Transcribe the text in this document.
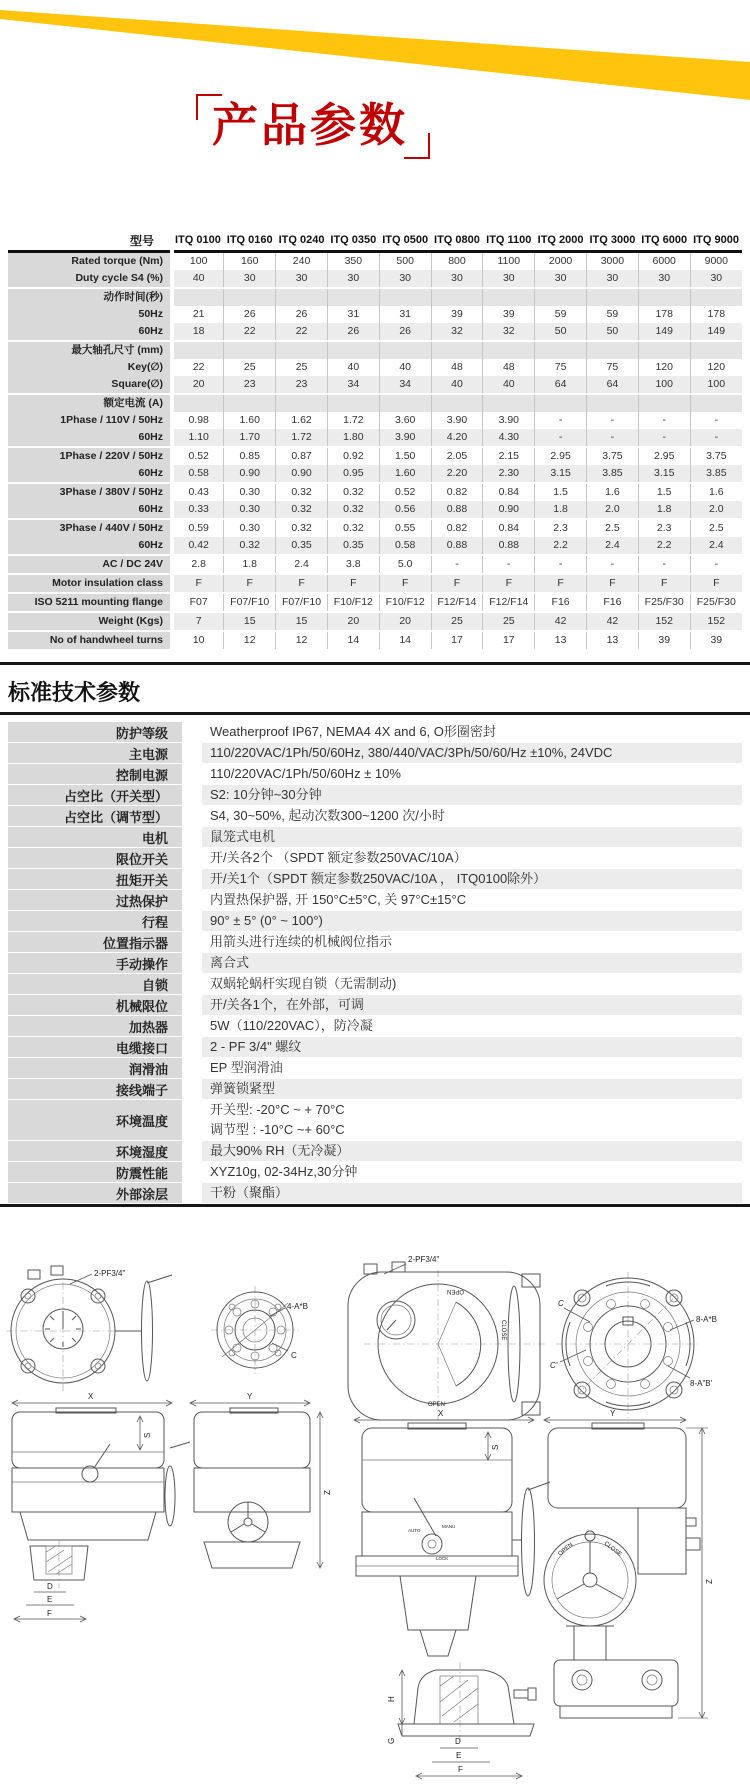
产品参数
型号	ITQ 0100	ITQ 0160	ITQ 0240	ITQ 0350	ITQ 0500	ITQ 0800	ITQ 1100	ITQ 2000	ITQ 3000	ITQ 6000	ITQ 9000
Rated torque (Nm)	100	160	240	350	500	800	1100	2000	3000	6000	9000
Duty cycle S4 (%)	40	30	30	30	30	30	30	30	30	30	30
动作时间(秒)											
50Hz	21	26	26	31	31	39	39	59	59	178	178
60Hz	18	22	22	26	26	32	32	50	50	149	149
最大轴孔尺寸 (mm)											
Key(∅)	22	25	25	40	40	48	48	75	75	120	120
Square(∅)	20	23	23	34	34	40	40	64	64	100	100
额定电流 (A)											
1Phase / 110V / 50Hz	0.98	1.60	1.62	1.72	3.60	3.90	3.90	-	-	-	-
60Hz	1.10	1.70	1.72	1.80	3.90	4.20	4.30	-	-	-	-
1Phase / 220V / 50Hz	0.52	0.85	0.87	0.92	1.50	2.05	2.15	2.95	3.75	2.95	3.75
60Hz	0.58	0.90	0.90	0.95	1.60	2.20	2.30	3.15	3.85	3.15	3.85
3Phase / 380V / 50Hz	0.43	0.30	0.32	0.32	0.52	0.82	0.84	1.5	1.6	1.5	1.6
60Hz	0.33	0.30	0.32	0.32	0.56	0.88	0.90	1.8	2.0	1.8	2.0
3Phase / 440V / 50Hz	0.59	0.30	0.32	0.32	0.55	0.82	0.84	2.3	2.5	2.3	2.5
60Hz	0.42	0.32	0.35	0.35	0.58	0.88	0.88	2.2	2.4	2.2	2.4
AC / DC 24V	2.8	1.8	2.4	3.8	5.0	-	-	-	-	-	-
Motor insulation class	F	F	F	F	F	F	F	F	F	F	F
ISO 5211 mounting flange	F07	F07/F10	F07/F10	F10/F12	F10/F12	F12/F14	F12/F14	F16	F16	F25/F30	F25/F30
Weight (Kgs)	7	15	15	20	20	25	25	42	42	152	152
No of handwheel turns	10	12	12	14	14	17	17	13	13	39	39
标准技术参数
防护等级	Weatherproof IP67, NEMA4 4X and 6, O形圈密封

主电源	110/220VAC/1Ph/50/60Hz, 380/440/VAC/3Ph/50/60/Hz ±10%, 24VDC

控制电源	110/220VAC/1Ph/50/60Hz ± 10%

占空比（开关型）	S2: 10分钟~30分钟

占空比（调节型）	S4, 30~50%, 起动次数300~1200 次/小时

电机	鼠笼式电机

限位开关	开/关各2个 （SPDT 额定参数250VAC/10A）

扭矩开关	开/关1个（SPDT 额定参数250VAC/10A ， ITQ0100除外）

过热保护	内置热保护器, 开 150°C±5°C, 关 97°C±15°C

行程	90° ± 5° (0° ~ 100°)

位置指示器	用箭头进行连续的机械阀位指示

手动操作	离合式

自锁	双蜗轮蜗杆实现自锁（无需制动)

机械限位	开/关各1个，在外部，可调

加热器	5W（110/220VAC），防冷凝

电缆接口	2 - PF 3/4" 螺纹

润滑油	EP 型润滑油

接线端子	弹簧锁紧型

环境温度	开关型: -20°C ~ + 70°C
调节型 : -10°C ~+ 60°C

环境湿度	最大90% RH（无冷凝）

防震性能	XYZ10g, 02-34Hz,30分钟

外部涂层	干粉（聚酯）
2-PF3/4"
4-A*B
C
X
S
D
E
F
Y
Z
2-PF3/4"
OPEN
CLOSE
OPEN
C
C'
8-A*B
8-A"B'
X
S
AUTO
MANU
LOCK
H
G	D
E
F
Y
OPEN	CLOSE
Z
